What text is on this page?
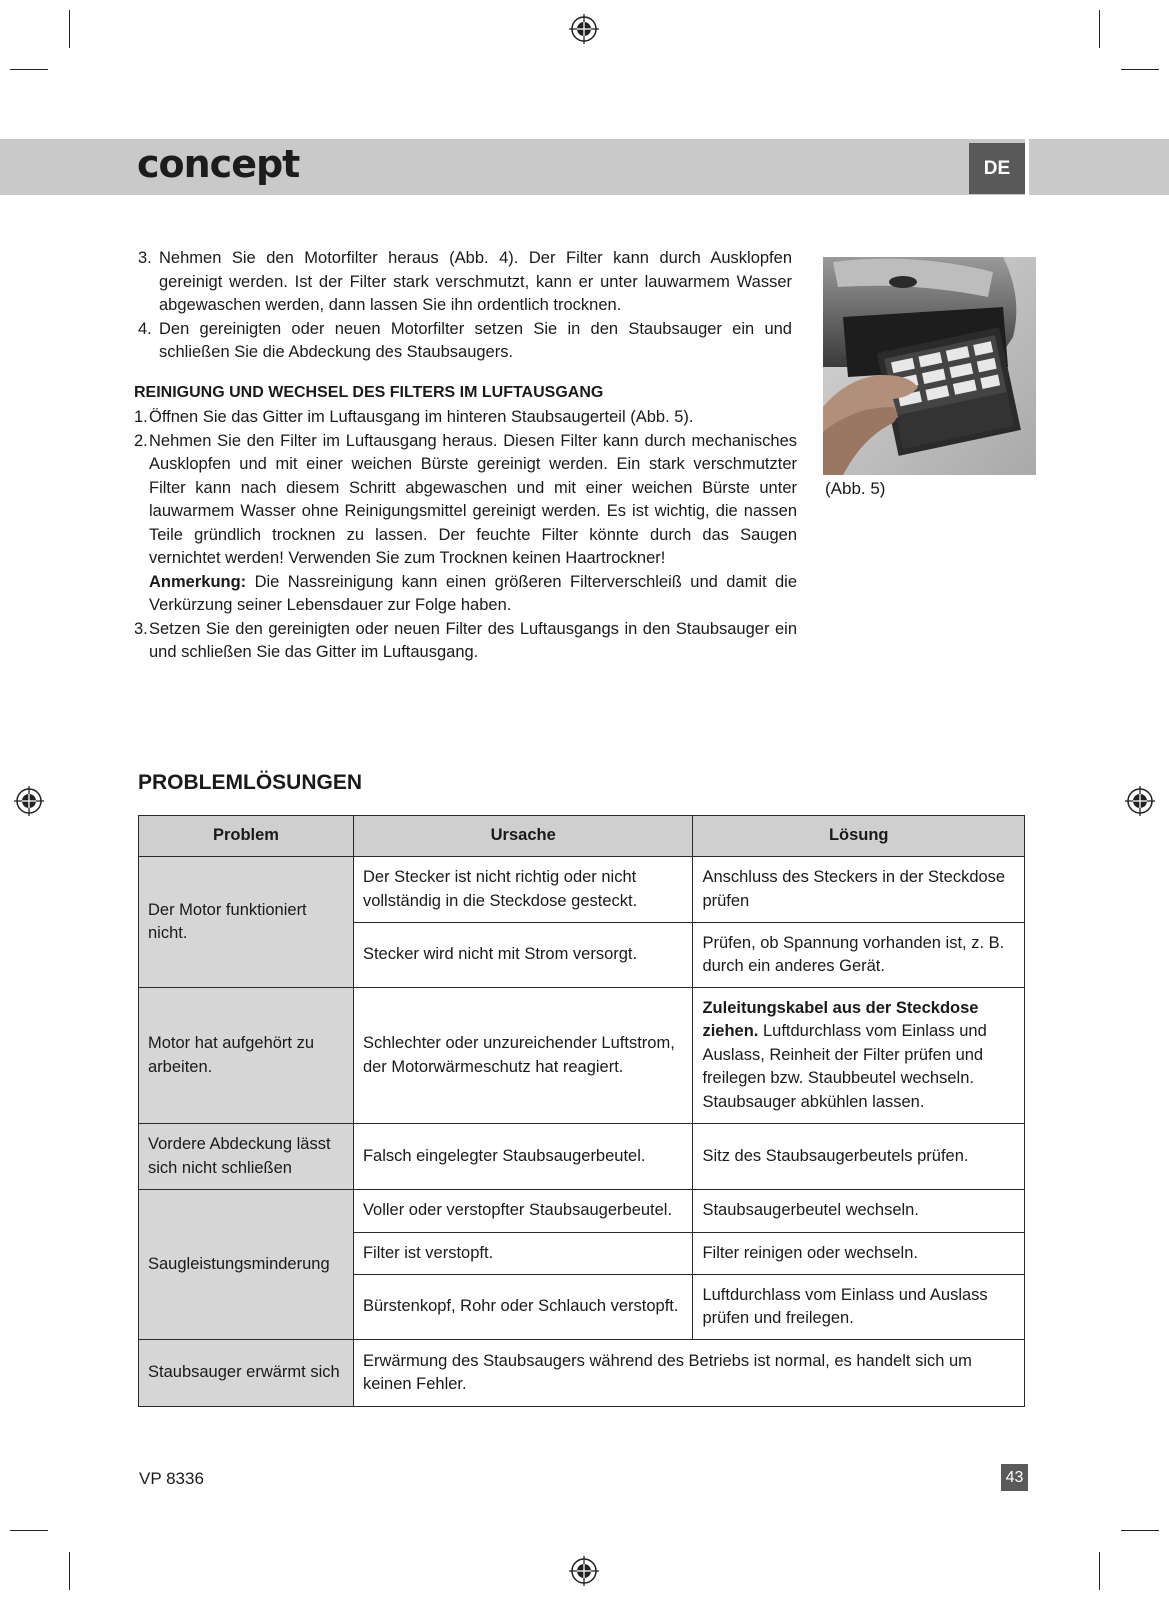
concept	DE
3. Nehmen Sie den Motorfilter heraus (Abb. 4). Der Filter kann durch Ausklopfen gereinigt werden. Ist der Filter stark verschmutzt, kann er unter lauwarmem Wasser abgewaschen werden, dann lassen Sie ihn ordentlich trocknen.
4. Den gereinigten oder neuen Motorfilter setzen Sie in den Staubsauger ein und schließen Sie die Abdeckung des Staubsaugers.
REINIGUNG UND WECHSEL DES FILTERS IM LUFTAUSGANG
1. Öffnen Sie das Gitter im Luftausgang im hinteren Staubsaugerteil (Abb. 5).
2. Nehmen Sie den Filter im Luftausgang heraus. Diesen Filter kann durch mechanisches Ausklopfen und mit einer weichen Bürste gereinigt werden. Ein stark verschmutzter Filter kann nach diesem Schritt abgewaschen und mit einer weichen Bürste unter lauwarmem Wasser ohne Reinigungsmittel gereinigt werden. Es ist wichtig, die nassen Teile gründlich trocknen zu lassen. Der feuchte Filter könnte durch das Saugen vernichtet werden! Verwenden Sie zum Trocknen keinen Haartrockner!
Anmerkung: Die Nassreinigung kann einen größeren Filterverschleiß und damit die Verkürzung seiner Lebensdauer zur Folge haben.
3. Setzen Sie den gereinigten oder neuen Filter des Luftausgangs in den Staubsauger ein und schließen Sie das Gitter im Luftausgang.
(Abb. 5)
PROBLEMLÖSUNGEN
Problem	Ursache	Lösung
Der Motor funktioniert nicht.	Der Stecker ist nicht richtig oder nicht vollständig in die Steckdose gesteckt.	Anschluss des Steckers in der Steckdose prüfen
	Stecker wird nicht mit Strom versorgt.	Prüfen, ob Spannung vorhanden ist, z. B. durch ein anderes Gerät.
Motor hat aufgehört zu arbeiten.	Schlechter oder unzureichender Luftstrom, der Motorwärmeschutz hat reagiert.	Zuleitungskabel aus der Steckdose ziehen. Luftdurchlass vom Einlass und Auslass, Reinheit der Filter prüfen und freilegen bzw. Staubbeutel wechseln. Staubsauger abkühlen lassen.
Vordere Abdeckung lässt sich nicht schließen	Falsch eingelegter Staubsaugerbeutel.	Sitz des Staubsaugerbeutels prüfen.
Saugleistungsminderung	Voller oder verstopfter Staubsaugerbeutel.	Staubsaugerbeutel wechseln.
	Filter ist verstopft.	Filter reinigen oder wechseln.
	Bürstenkopf, Rohr oder Schlauch verstopft.	Luftdurchlass vom Einlass und Auslass prüfen und freilegen.
Staubsauger erwärmt sich	Erwärmung des Staubsaugers während des Betriebs ist normal, es handelt sich um keinen Fehler.	
VP 8336	43
